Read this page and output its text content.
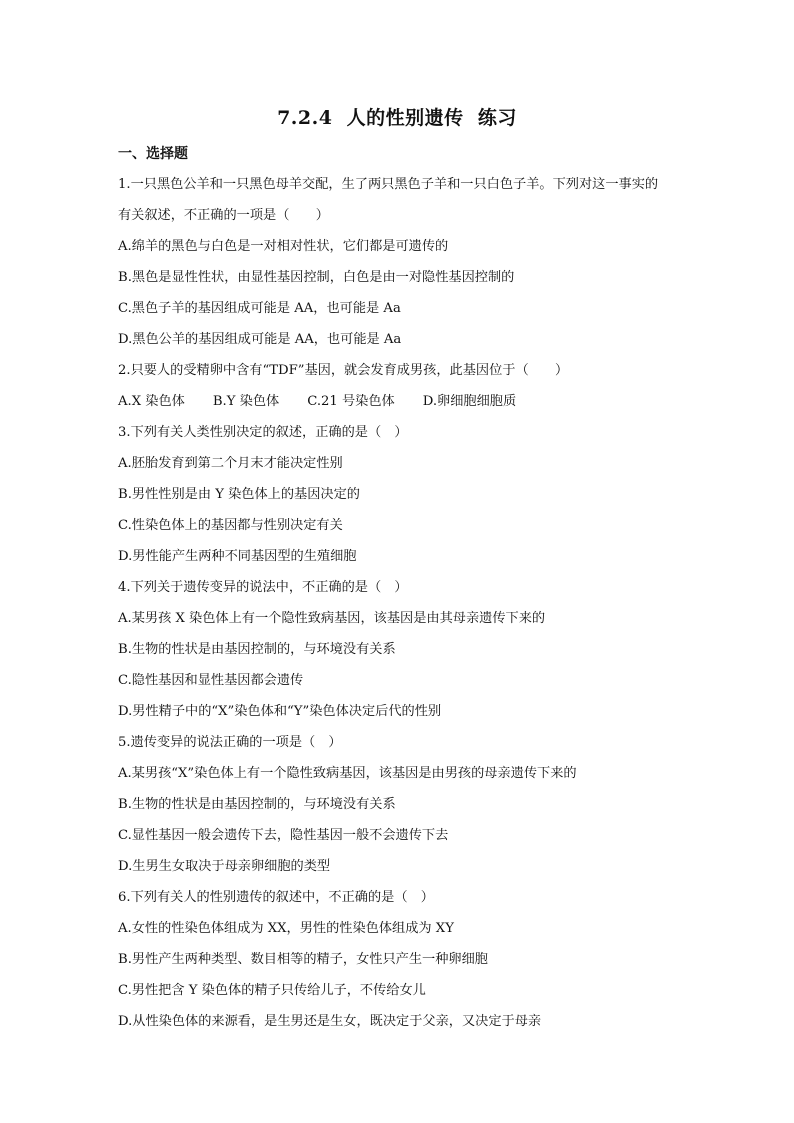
7.2.4  人的性别遗传  练习
一、选择题
1.一只黑色公羊和一只黑色母羊交配，生了两只黑色子羊和一只白色子羊。下列对这一事实的
有关叙述，不正确的一项是（　　）
A.绵羊的黑色与白色是一对相对性状，它们都是可遗传的
B.黑色是显性性状，由显性基因控制，白色是由一对隐性基因控制的
C.黑色子羊的基因组成可能是 AA，也可能是 Aa
D.黑色公羊的基因组成可能是 AA，也可能是 Aa
2.只要人的受精卵中含有“TDF”基因，就会发育成男孩，此基因位于（　　）
A.X 染色体 B.Y 染色体 C.21 号染色体 D.卵细胞细胞质
3.下列有关人类性别决定的叙述，正确的是（　）
A.胚胎发育到第二个月末才能决定性别
B.男性性别是由 Y 染色体上的基因决定的
C.性染色体上的基因都与性别决定有关
D.男性能产生两种不同基因型的生殖细胞
4.下列关于遗传变异的说法中，不正确的是（　）
A.某男孩 X 染色体上有一个隐性致病基因，该基因是由其母亲遗传下来的
B.生物的性状是由基因控制的，与环境没有关系
C.隐性基因和显性基因都会遗传
D.男性精子中的“X”染色体和“Y”染色体决定后代的性别
5.遗传变异的说法正确的一项是（　）
A.某男孩“X”染色体上有一个隐性致病基因，该基因是由男孩的母亲遗传下来的
B.生物的性状是由基因控制的，与环境没有关系
C.显性基因一般会遗传下去，隐性基因一般不会遗传下去
D.生男生女取决于母亲卵细胞的类型
6.下列有关人的性别遗传的叙述中，不正确的是（　）
A.女性的性染色体组成为 XX，男性的性染色体组成为 XY
B.男性产生两种类型、数目相等的精子，女性只产生一种卵细胞
C.男性把含 Y 染色体的精子只传给儿子，不传给女儿
D.从性染色体的来源看，是生男还是生女，既决定于父亲，又决定于母亲
